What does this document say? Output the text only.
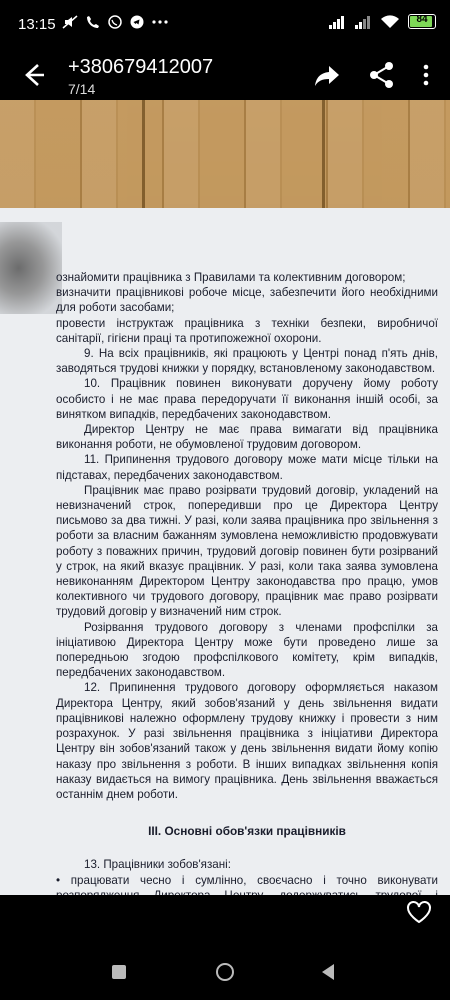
13:15	84
+380679412007
7/14

ознайомити працівника з Правилами та колективним договором;

визначити працівникові робоче місце, забезпечити його необхідними для роботи засобами;

провести інструктаж працівника з техніки безпеки, виробничої санітарії, гігієни праці та протипожежної охорони.

9. На всіх працівників, які працюють у Центрі понад п'ять днів, заводяться трудові книжки у порядку, встановленому законодавством.

10. Працівник повинен виконувати доручену йому роботу особисто і не має права передоручати її виконання іншій особі, за винятком випадків, передбачених законодавством.

Директор Центру не має права вимагати від працівника виконання роботи, не обумовленої трудовим договором.

11. Припинення трудового договору може мати місце тільки на підставах, передбачених законодавством.

Працівник має право розірвати трудовий договір, укладений на невизначений строк, попередивши про це Директора Центру письмово за два тижні. У разі, коли заява працівника про звільнення з роботи за власним бажанням зумовлена неможливістю продовжувати роботу з поважних причин, трудовий договір повинен бути розірваний у строк, на який вказує працівник. У разі, коли така заява зумовлена невиконанням Директором Центру законодавства про працю, умов колективного чи трудового договору, працівник має право розірвати трудовий договір у визначений ним строк.

Розірвання трудового договору з членами профспілки за ініціативою Директора Центру може бути проведено лише за попередньою згодою профспілкового комітету, крім випадків, передбачених законодавством.

12. Припинення трудового договору оформляється наказом Директора Центру, який зобов'язаний у день звільнення видати працівникові належно оформлену трудову книжку і провести з ним розрахунок. У разі звільнення працівника з ініціативи Директора Центру він зобов'язаний також у день звільнення видати йому копію наказу про звільнення з роботи. В інших випадках звільнення копія наказу видається на вимогу працівника. День звільнення вважається останнім днем роботи.

ІІІ. Основні обов'язки працівників

13. Працівники зобов'язані:

• працювати чесно і сумлінно, своєчасно і точно виконувати
